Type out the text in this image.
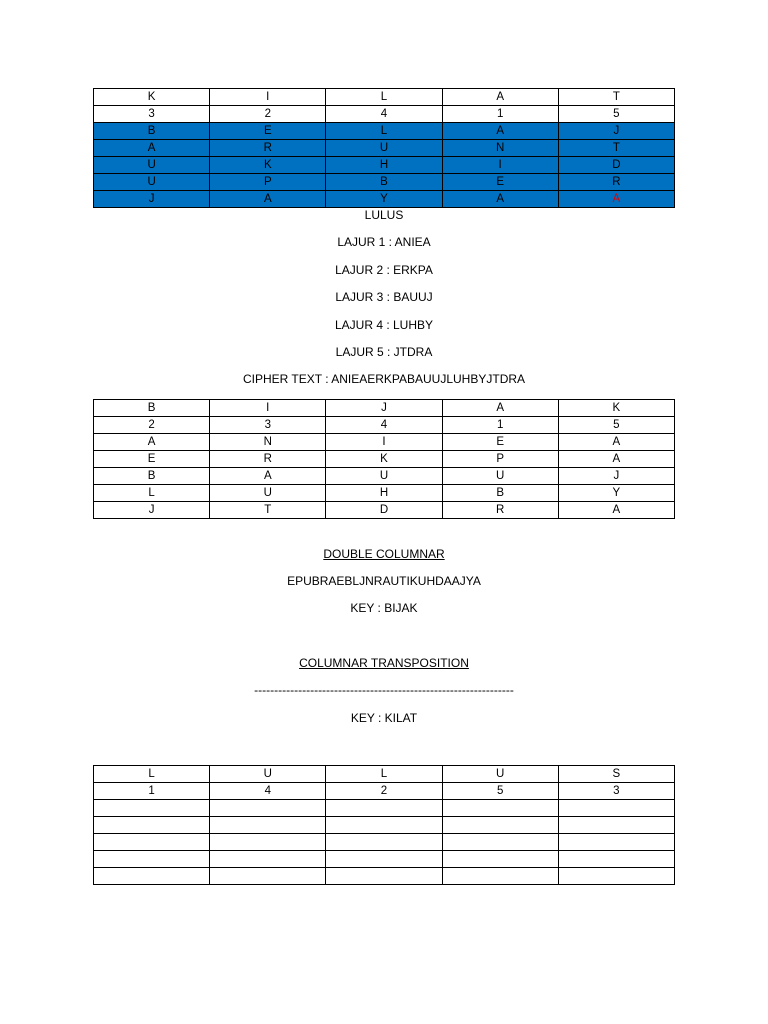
K	I	L	A	T
3	2	4	1	5
B	E	L	A	J
A	R	U	N	T
U	K	H	I	D
U	P	B	E	R
J	A	Y	A	A
LULUS
LAJUR 1 : ANIEA
LAJUR 2 : ERKPA
LAJUR 3 : BAUUJ
LAJUR 4 : LUHBY
LAJUR 5 : JTDRA
CIPHER TEXT : ANIEAERKPABAUUJLUHBYJTDRA
B	I	J	A	K
2	3	4	1	5
A	N	I	E	A
E	R	K	P	A
B	A	U	U	J
L	U	H	B	Y
J	T	D	R	A
DOUBLE COLUMNAR
EPUBRAEBLJNRAUTIKUHDAAJYA
KEY : BIJAK
COLUMNAR TRANSPOSITION
-----------------------------------------------------------------
KEY : KILAT
L	U	L	U	S
1	4	2	5	3
